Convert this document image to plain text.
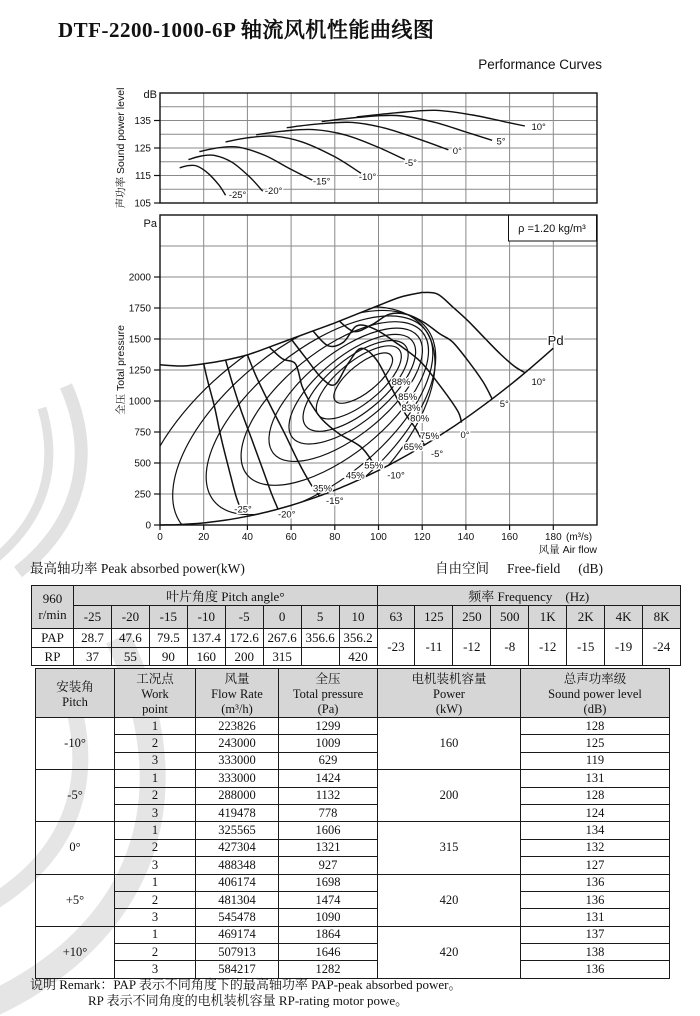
DTF-2200-1000-6P 轴流风机性能曲线图
Performance Curves
105
115
125
135
dB
声功率 Sound power level	-25° -20°
-15°	-10°
-5°
0°
5°
10°
Pd
88%
85%
83%
80%
75%
65%
55%
45%
35%
10°
5°
0°
-5°
-10°
-15°
-20°
-25°
ρ =1.20 kg/m³
0
250
500
750
1000
1250
1500
1750
2000
Pa
全压 Total pressure
0	20	40	60	80	100	120	140	160	180 (m³/s)
风量 Air flow
最高轴功率 Peak absorbed power(kW)	自由空间 Free-field (dB)
960
r/min	叶片角度 Pitch angle°								频率 Frequency　(Hz)							
	-25	-20	-15	-10	-5	0	5	10	63	125	250	500	1K	2K	4K	8K
PAP	28.7	47.6	79.5	137.4	172.6	267.6	356.6	356.2	-23	-11	-12	-8	-12	-15	-19	-24
RP	37	55	90	160	200	315		420								
安装角
Pitch

工况点
Work
point

风量
Flow Rate
(m³/h)

全压
Total pressure
(Pa)

电机装机容量
Power
(kW)

总声功率级
Sound power level
(dB)

-10°	1	223826	1299	160	128
	2	243000	1009		125
	3	333000	629		119
-5°	1	333000	1424	200	131
	2	288000	1132		128
	3	419478	778		124
0°	1	325565	1606	315	134
	2	427304	1321		132
	3	488348	927		127
+5°	1	406174	1698	420	136
	2	481304	1474		136
	3	545478	1090		131
+10°	1	469174	1864	420	137
	2	507913	1646		138
	3	584217	1282		136
说明 Remark：PAP 表示不同角度下的最高轴功率 PAP-peak absorbed power。
RP 表示不同角度的电机装机容量 RP-rating motor powe。
